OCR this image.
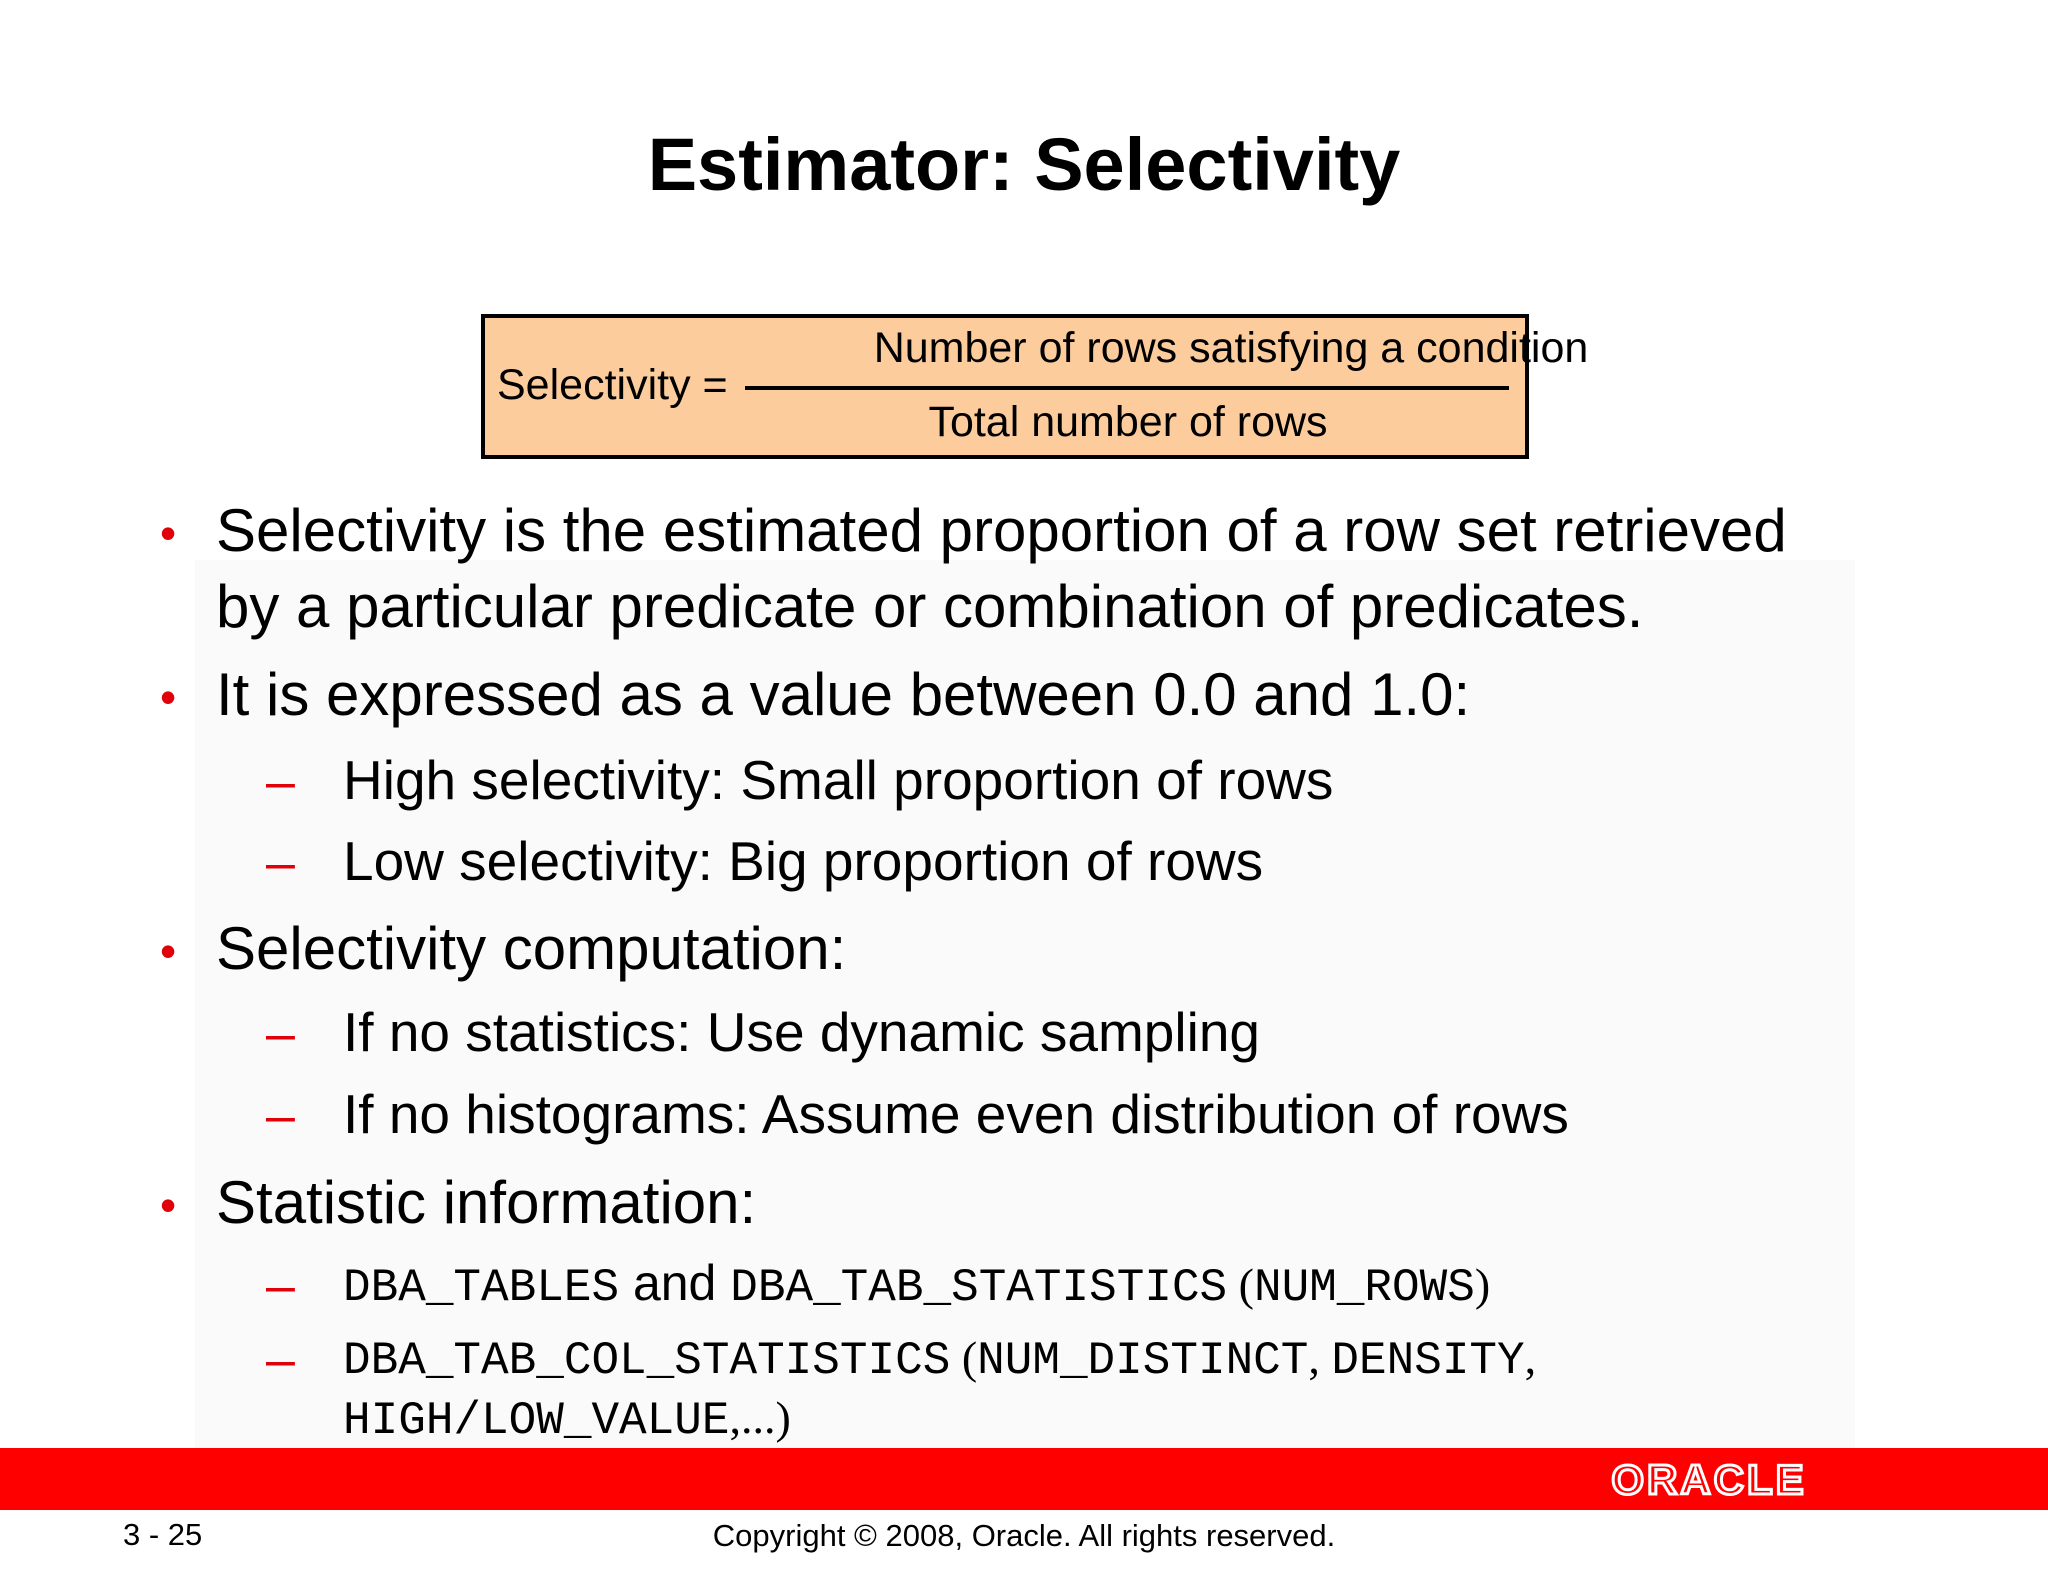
Estimator: Selectivity
Selectivity =
Number of rows satisfying a condition
Total number of rows
• Selectivity is the estimated proportion of a row set retrieved
by a particular predicate or combination of predicates.
• It is expressed as a value between 0.0 and 1.0:
– High selectivity: Small proportion of rows
– Low selectivity: Big proportion of rows
• Selectivity computation:
– If no statistics: Use dynamic sampling
– If no histograms: Assume even distribution of rows
• Statistic information:
– DBA_TABLES and DBA_TAB_STATISTICS (NUM_ROWS)
– DBA_TAB_COL_STATISTICS (NUM_DISTINCT, DENSITY,
HIGH/LOW_VALUE,...)
ORACLE
3 - 25	Copyright © 2008, Oracle. All rights reserved.
